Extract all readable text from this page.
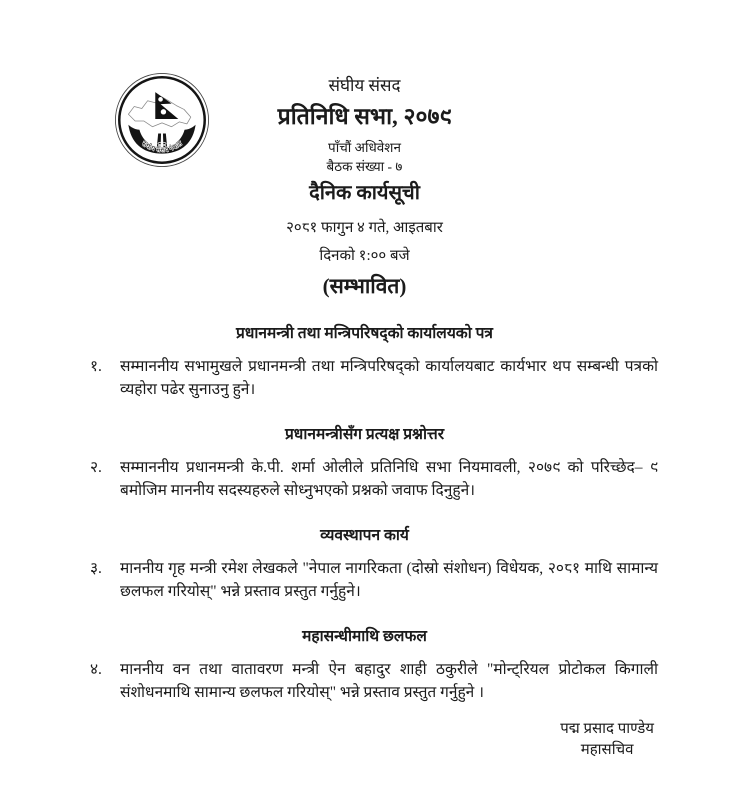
संघीय संसद नेपाल
संघीय संसद
प्रतिनिधि सभा, २०७९
पाँचौं अधिवेशन
बैठक संख्या - ७
दैनिक कार्यसूची
२०८१ फागुन ४ गते, आइतबार
दिनको १:०० बजे
(सम्भावित)
प्रधानमन्त्री तथा मन्त्रिपरिषद्को कार्यालयको पत्र
१.	सम्माननीय सभामुखले प्रधानमन्त्री तथा मन्त्रिपरिषद्को कार्यालयबाट कार्यभार थप सम्बन्धी पत्रको व्यहोरा पढेर सुनाउनु हुने।
प्रधानमन्त्रीसँग प्रत्यक्ष प्रश्नोत्तर
२.	सम्माननीय प्रधानमन्त्री के.पी. शर्मा ओलीले प्रतिनिधि सभा नियमावली, २०७९ को परिच्छेद– ९ बमोजिम माननीय सदस्यहरुले सोध्नुभएको प्रश्नको जवाफ दिनुहुने।
व्यवस्थापन कार्य
३.	माननीय गृह मन्त्री रमेश लेखकले "नेपाल नागरिकता (दोस्रो संशोधन) विधेयक, २०८१ माथि सामान्य छलफल गरियोस्" भन्ने प्रस्ताव प्रस्तुत गर्नुहुने।
महासन्धीमाथि छलफल
४.	माननीय वन तथा वातावरण मन्त्री ऐन बहादुर शाही ठकुरीले "मोन्ट्रियल प्रोटोकल किगाली संशोधनमाथि सामान्य छलफल गरियोस्" भन्ने प्रस्ताव प्रस्तुत गर्नुहुने ।
पद्म प्रसाद पाण्डेय
महासचिव
